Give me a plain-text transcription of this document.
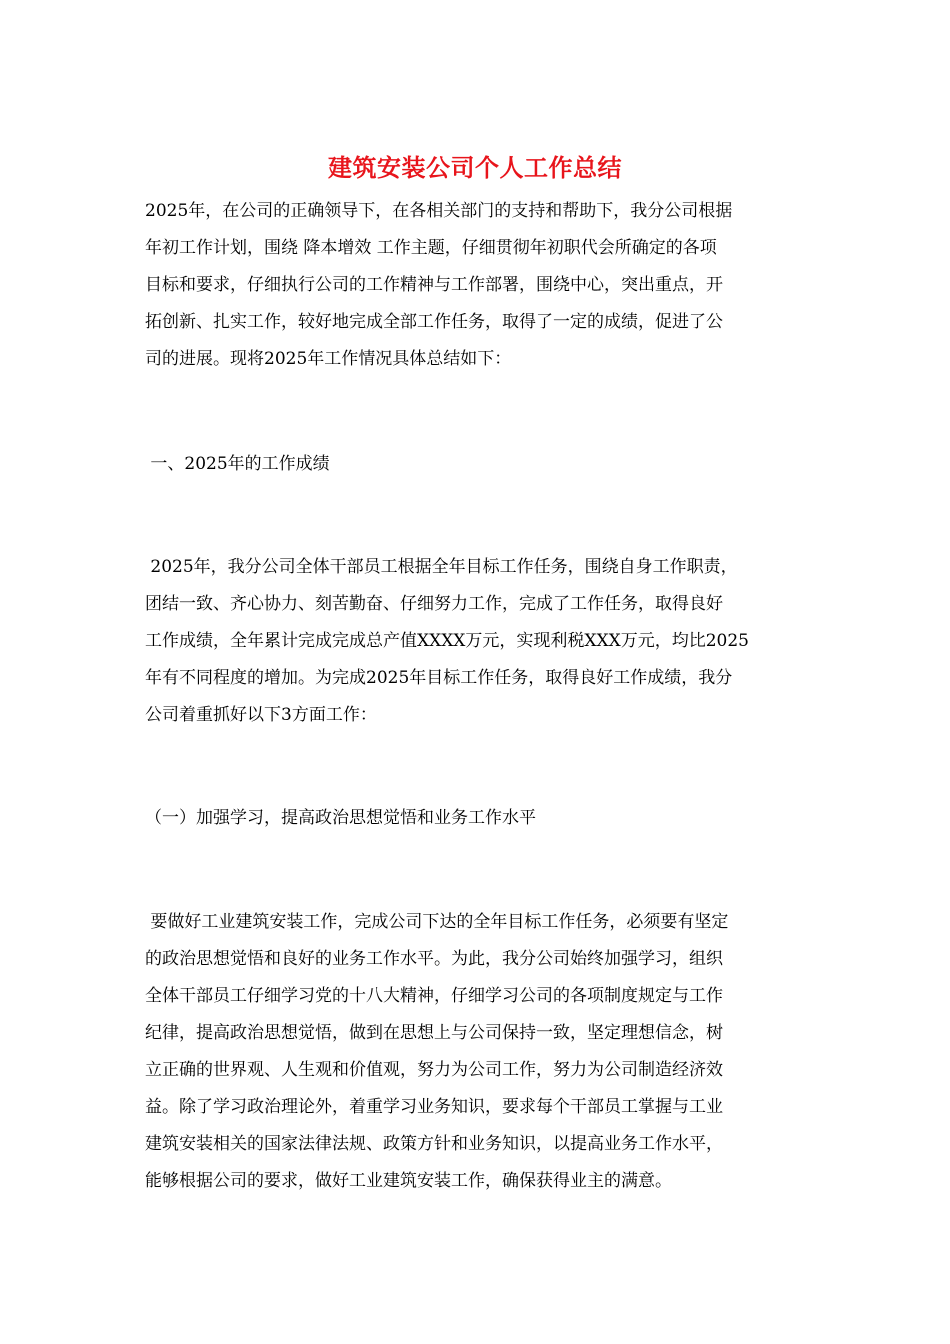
建筑安装公司个人工作总结
2025年，在公司的正确领导下，在各相关部门的支持和帮助下，我分公司根据
年初工作计划，围绕 降本增效 工作主题，仔细贯彻年初职代会所确定的各项
目标和要求，仔细执行公司的工作精神与工作部署，围绕中心，突出重点，开
拓创新、扎实工作，较好地完成全部工作任务，取得了一定的成绩，促进了公
司的进展。现将2025年工作情况具体总结如下：
一、2025年的工作成绩
2025年，我分公司全体干部员工根据全年目标工作任务，围绕自身工作职责，
团结一致、齐心协力、刻苦勤奋、仔细努力工作，完成了工作任务，取得良好
工作成绩，全年累计完成完成总产值XXXX万元，实现利税XXX万元，均比2025
年有不同程度的增加。为完成2025年目标工作任务，取得良好工作成绩，我分
公司着重抓好以下3方面工作：
（一）加强学习，提高政治思想觉悟和业务工作水平
要做好工业建筑安装工作，完成公司下达的全年目标工作任务，必须要有坚定
的政治思想觉悟和良好的业务工作水平。为此，我分公司始终加强学习，组织
全体干部员工仔细学习党的十八大精神，仔细学习公司的各项制度规定与工作
纪律，提高政治思想觉悟，做到在思想上与公司保持一致，坚定理想信念，树
立正确的世界观、人生观和价值观，努力为公司工作，努力为公司制造经济效
益。除了学习政治理论外，着重学习业务知识，要求每个干部员工掌握与工业
建筑安装相关的国家法律法规、政策方针和业务知识，以提高业务工作水平，
能够根据公司的要求，做好工业建筑安装工作，确保获得业主的满意。
